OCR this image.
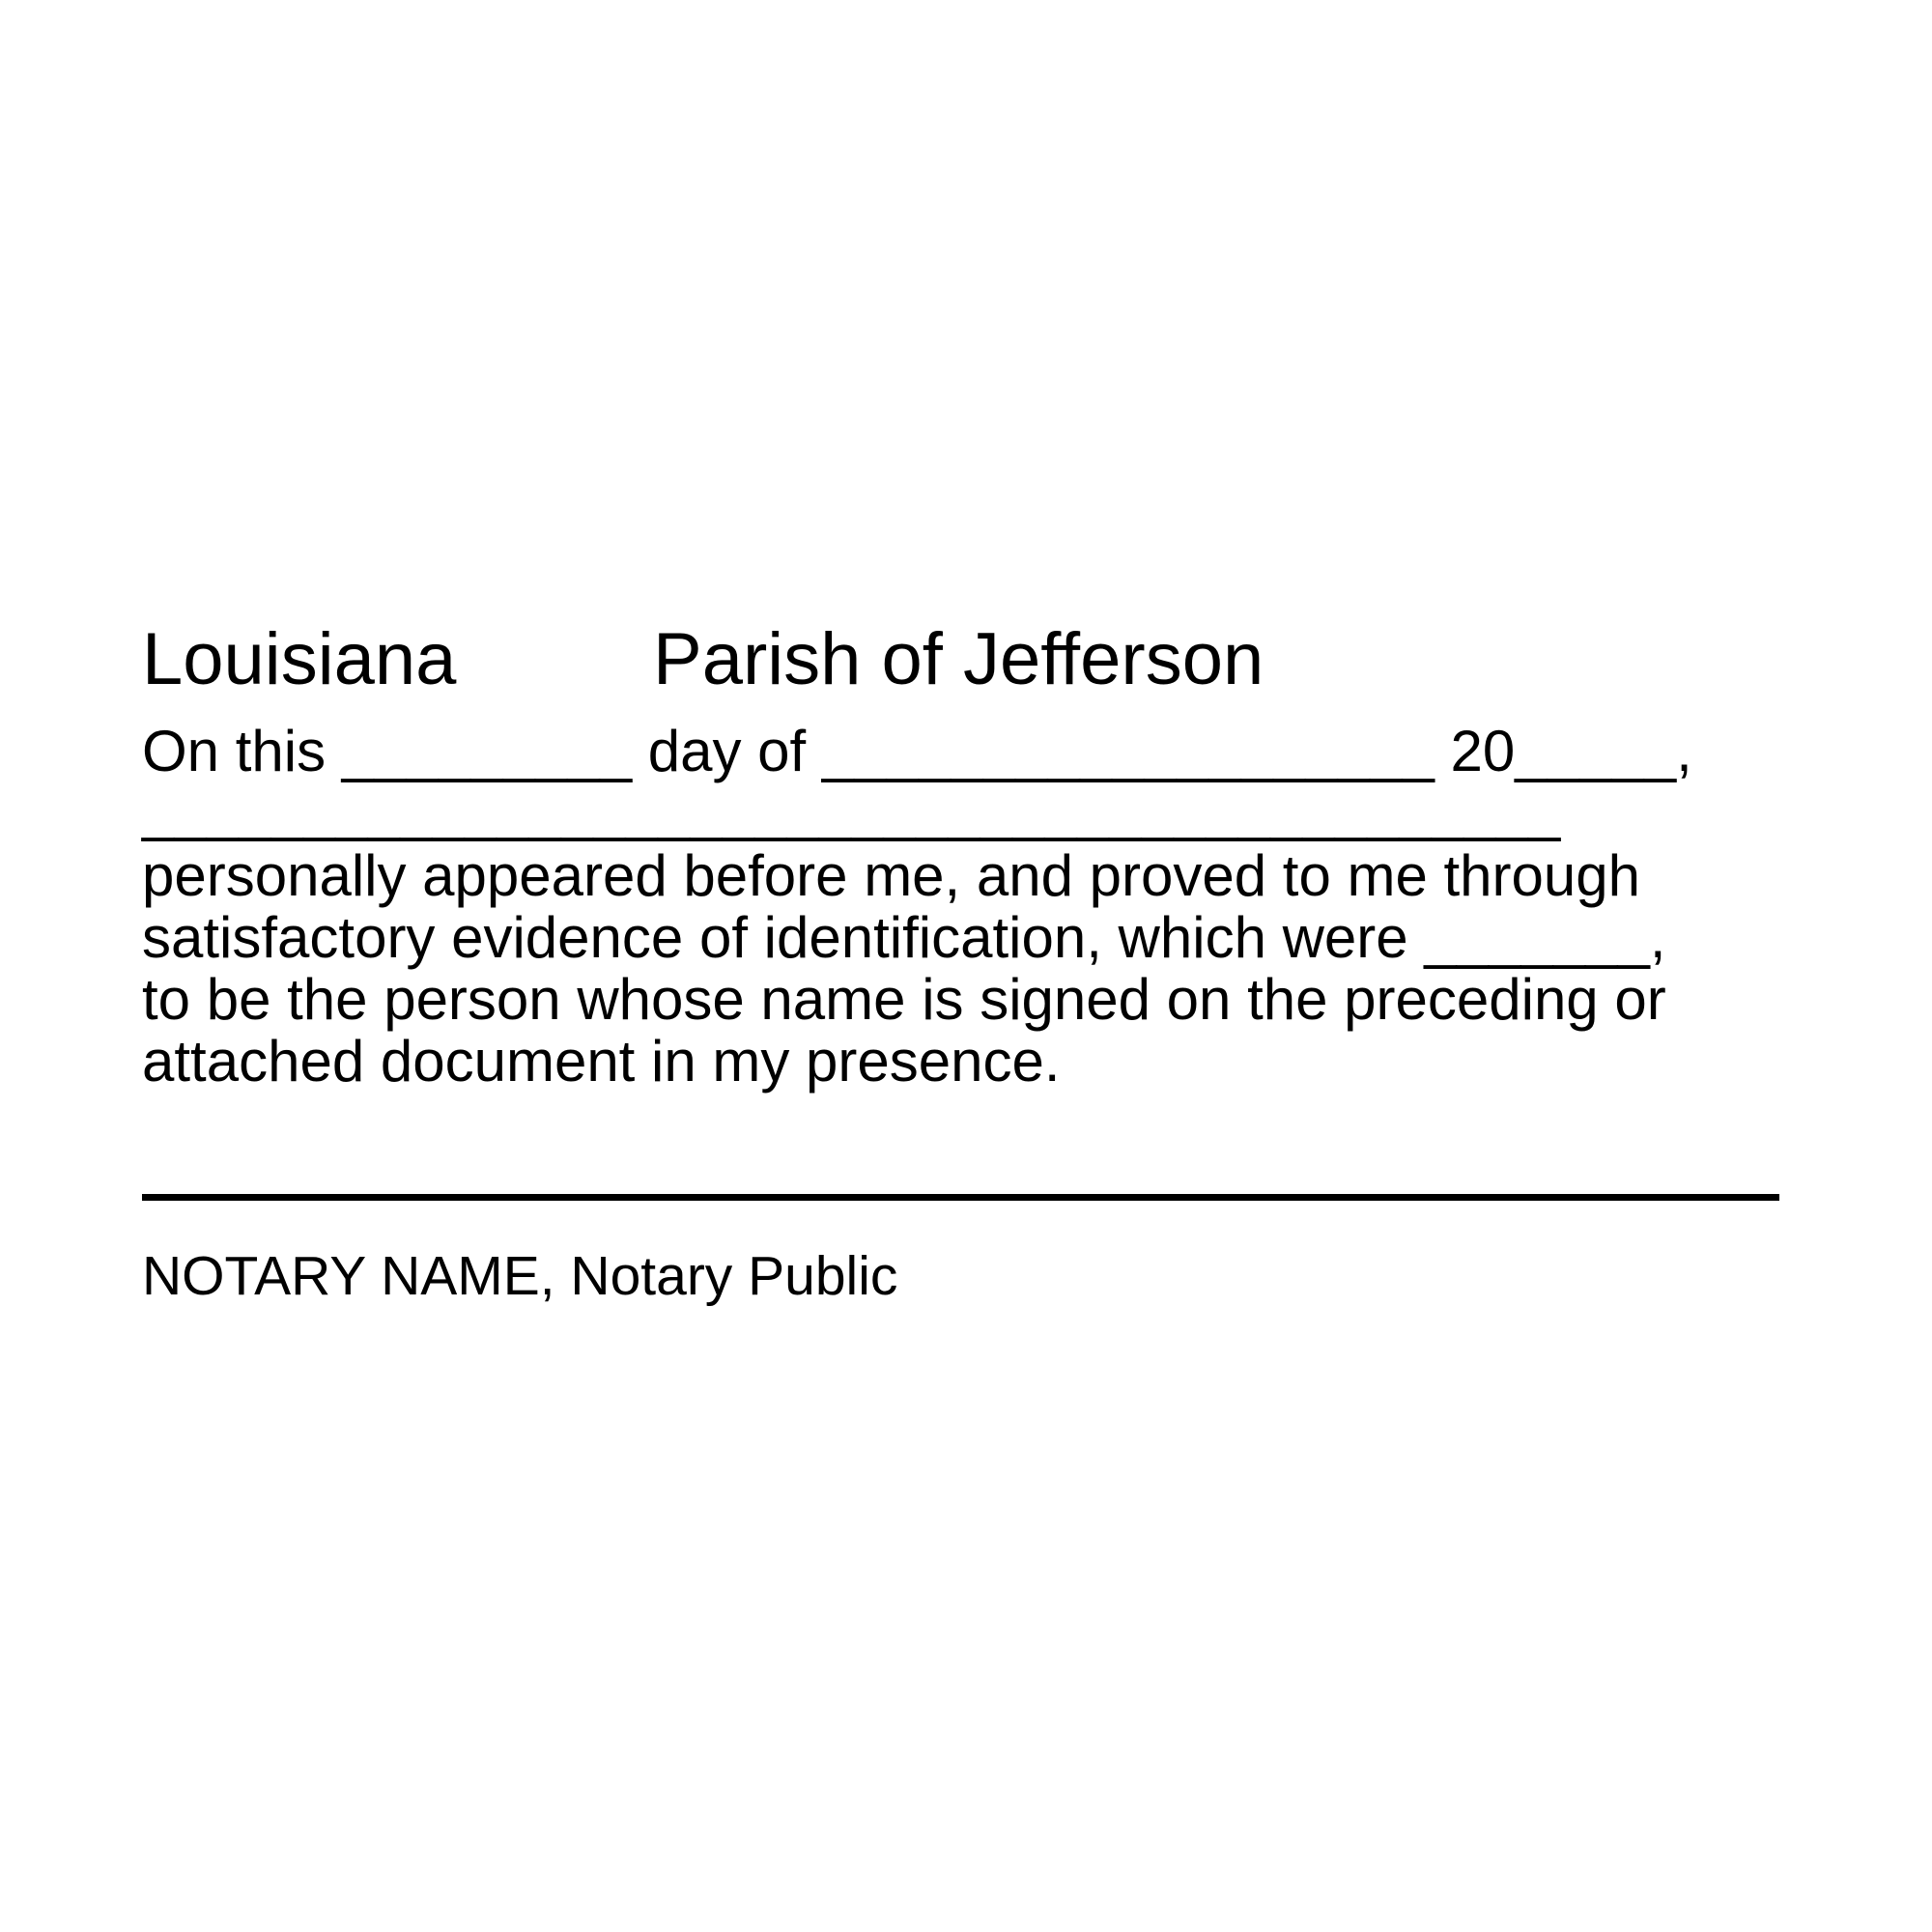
Louisiana	Parish of Jefferson
On this _________ day of ___________________ 20_____,
____________________________________________
personally appeared before me, and proved to me through
satisfactory evidence of identification, which were _______,
to be the person whose name is signed on the preceding or
attached document in my presence.
NOTARY NAME, Notary Public
